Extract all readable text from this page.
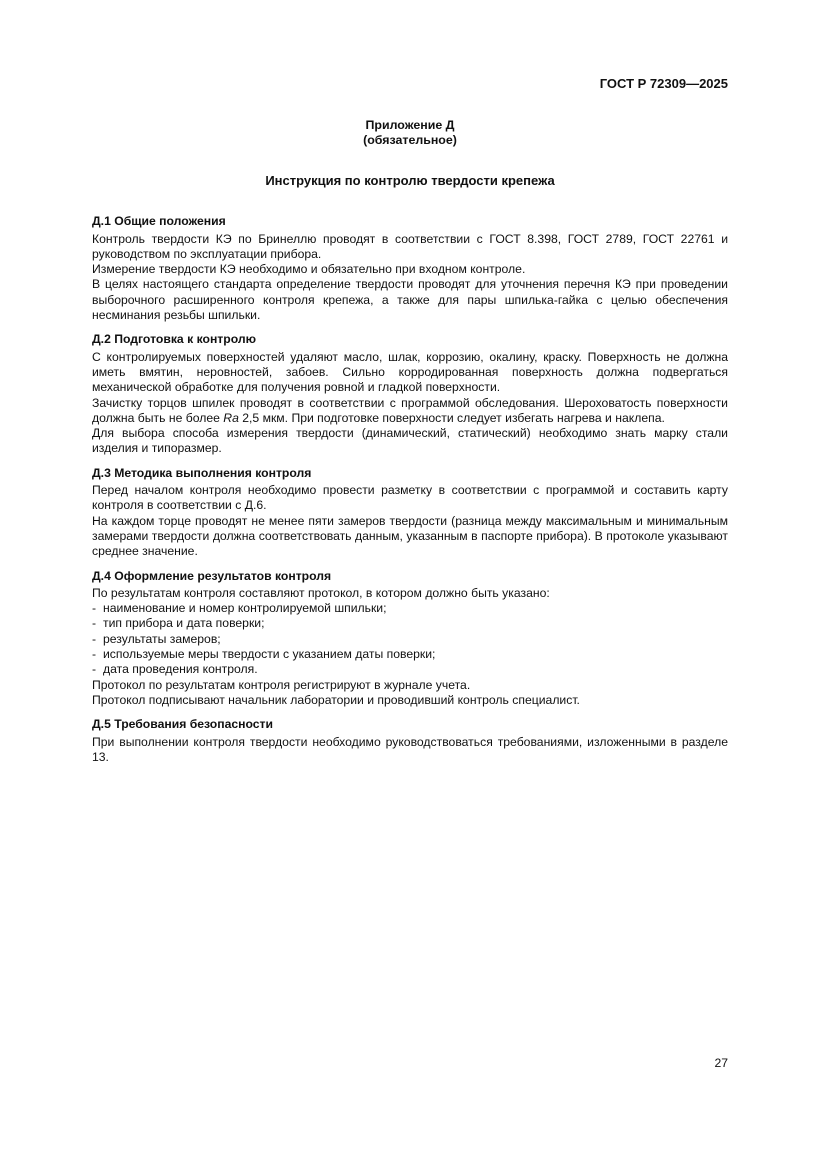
ГОСТ Р 72309—2025

Приложение Д

(обязательное)

Инструкция по контролю твердости крепежа

Д.1 Общие положения

Контроль твердости КЭ по Бринеллю проводят в соответствии с ГОСТ 8.398, ГОСТ 2789, ГОСТ 22761 и руководством по эксплуатации прибора.

Измерение твердости КЭ необходимо и обязательно при входном контроле.

В целях настоящего стандарта определение твердости проводят для уточнения перечня КЭ при проведении выборочного расширенного контроля крепежа, а также для пары шпилька-гайка с целью обеспечения несминания резьбы шпильки.

Д.2 Подготовка к контролю

С контролируемых поверхностей удаляют масло, шлак, коррозию, окалину, краску. Поверхность не должна иметь вмятин, неровностей, забоев. Сильно корродированная поверхность должна подвергаться механической обработке для получения ровной и гладкой поверхности.

Зачистку торцов шпилек проводят в соответствии с программой обследования. Шероховатость поверхности должна быть не более Ra 2,5 мкм. При подготовке поверхности следует избегать нагрева и наклепа.

Для выбора способа измерения твердости (динамический, статический) необходимо знать марку стали изделия и типоразмер.

Д.3 Методика выполнения контроля

Перед началом контроля необходимо провести разметку в соответствии с программой и составить карту контроля в соответствии с Д.6.

На каждом торце проводят не менее пяти замеров твердости (разница между максимальным и минимальным замерами твердости должна соответствовать данным, указанным в паспорте прибора). В протоколе указывают среднее значение.

Д.4 Оформление результатов контроля

По результатам контроля составляют протокол, в котором должно быть указано:

- наименование и номер контролируемой шпильки;
- тип прибора и дата поверки;
- результаты замеров;
- используемые меры твердости с указанием даты поверки;
- дата проведения контроля.

Протокол по результатам контроля регистрируют в журнале учета.

Протокол подписывают начальник лаборатории и проводивший контроль специалист.

Д.5 Требования безопасности

При выполнении контроля твердости необходимо руководствоваться требованиями, изложенными в разделе 13.

27
